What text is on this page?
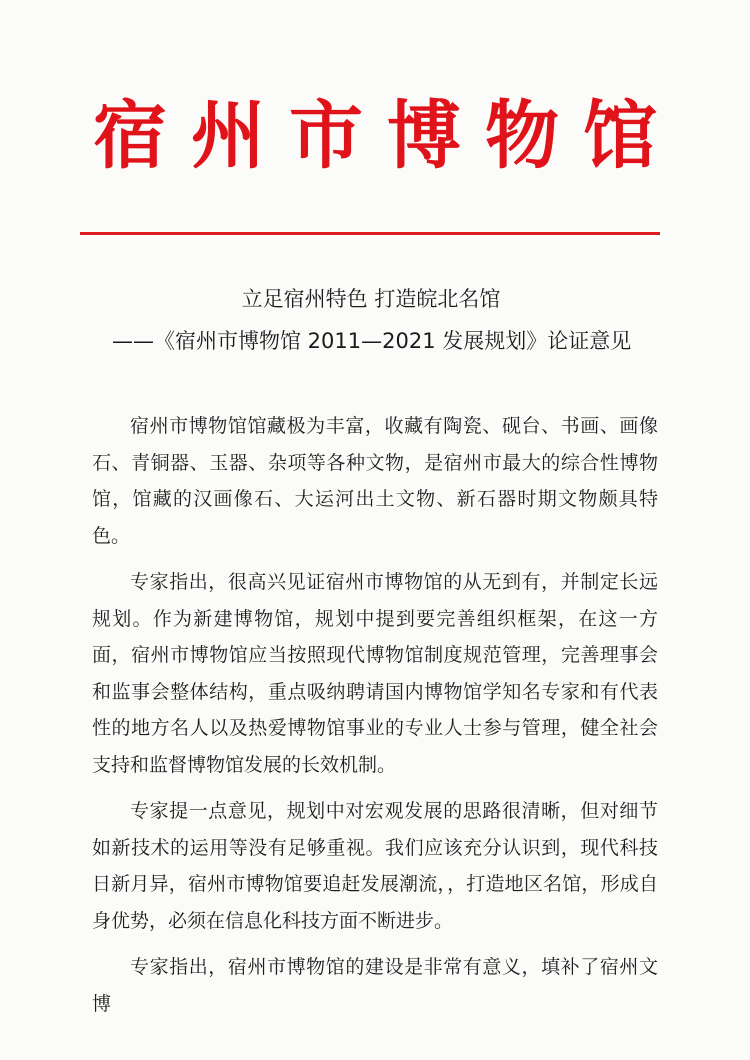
宿州市博物馆
立足宿州特色 打造皖北名馆
——《宿州市博物馆 2011—2021 发展规划》论证意见

宿州市博物馆馆藏极为丰富，收藏有陶瓷、砚台、书画、画像石、青铜器、玉器、杂项等各种文物，是宿州市最大的综合性博物馆，馆藏的汉画像石、大运河出土文物、新石器时期文物颇具特色。

专家指出，很高兴见证宿州市博物馆的从无到有，并制定长远规划。作为新建博物馆，规划中提到要完善组织框架，在这一方面，宿州市博物馆应当按照现代博物馆制度规范管理，完善理事会和监事会整体结构，重点吸纳聘请国内博物馆学知名专家和有代表性的地方名人以及热爱博物馆事业的专业人士参与管理，健全社会支持和监督博物馆发展的长效机制。

专家提一点意见，规划中对宏观发展的思路很清晰，但对细节如新技术的运用等没有足够重视。我们应该充分认识到，现代科技日新月异，宿州市博物馆要追赶发展潮流，，打造地区名馆，形成自身优势，必须在信息化科技方面不断进步。

专家指出，宿州市博物馆的建设是非常有意义，填补了宿州文博
